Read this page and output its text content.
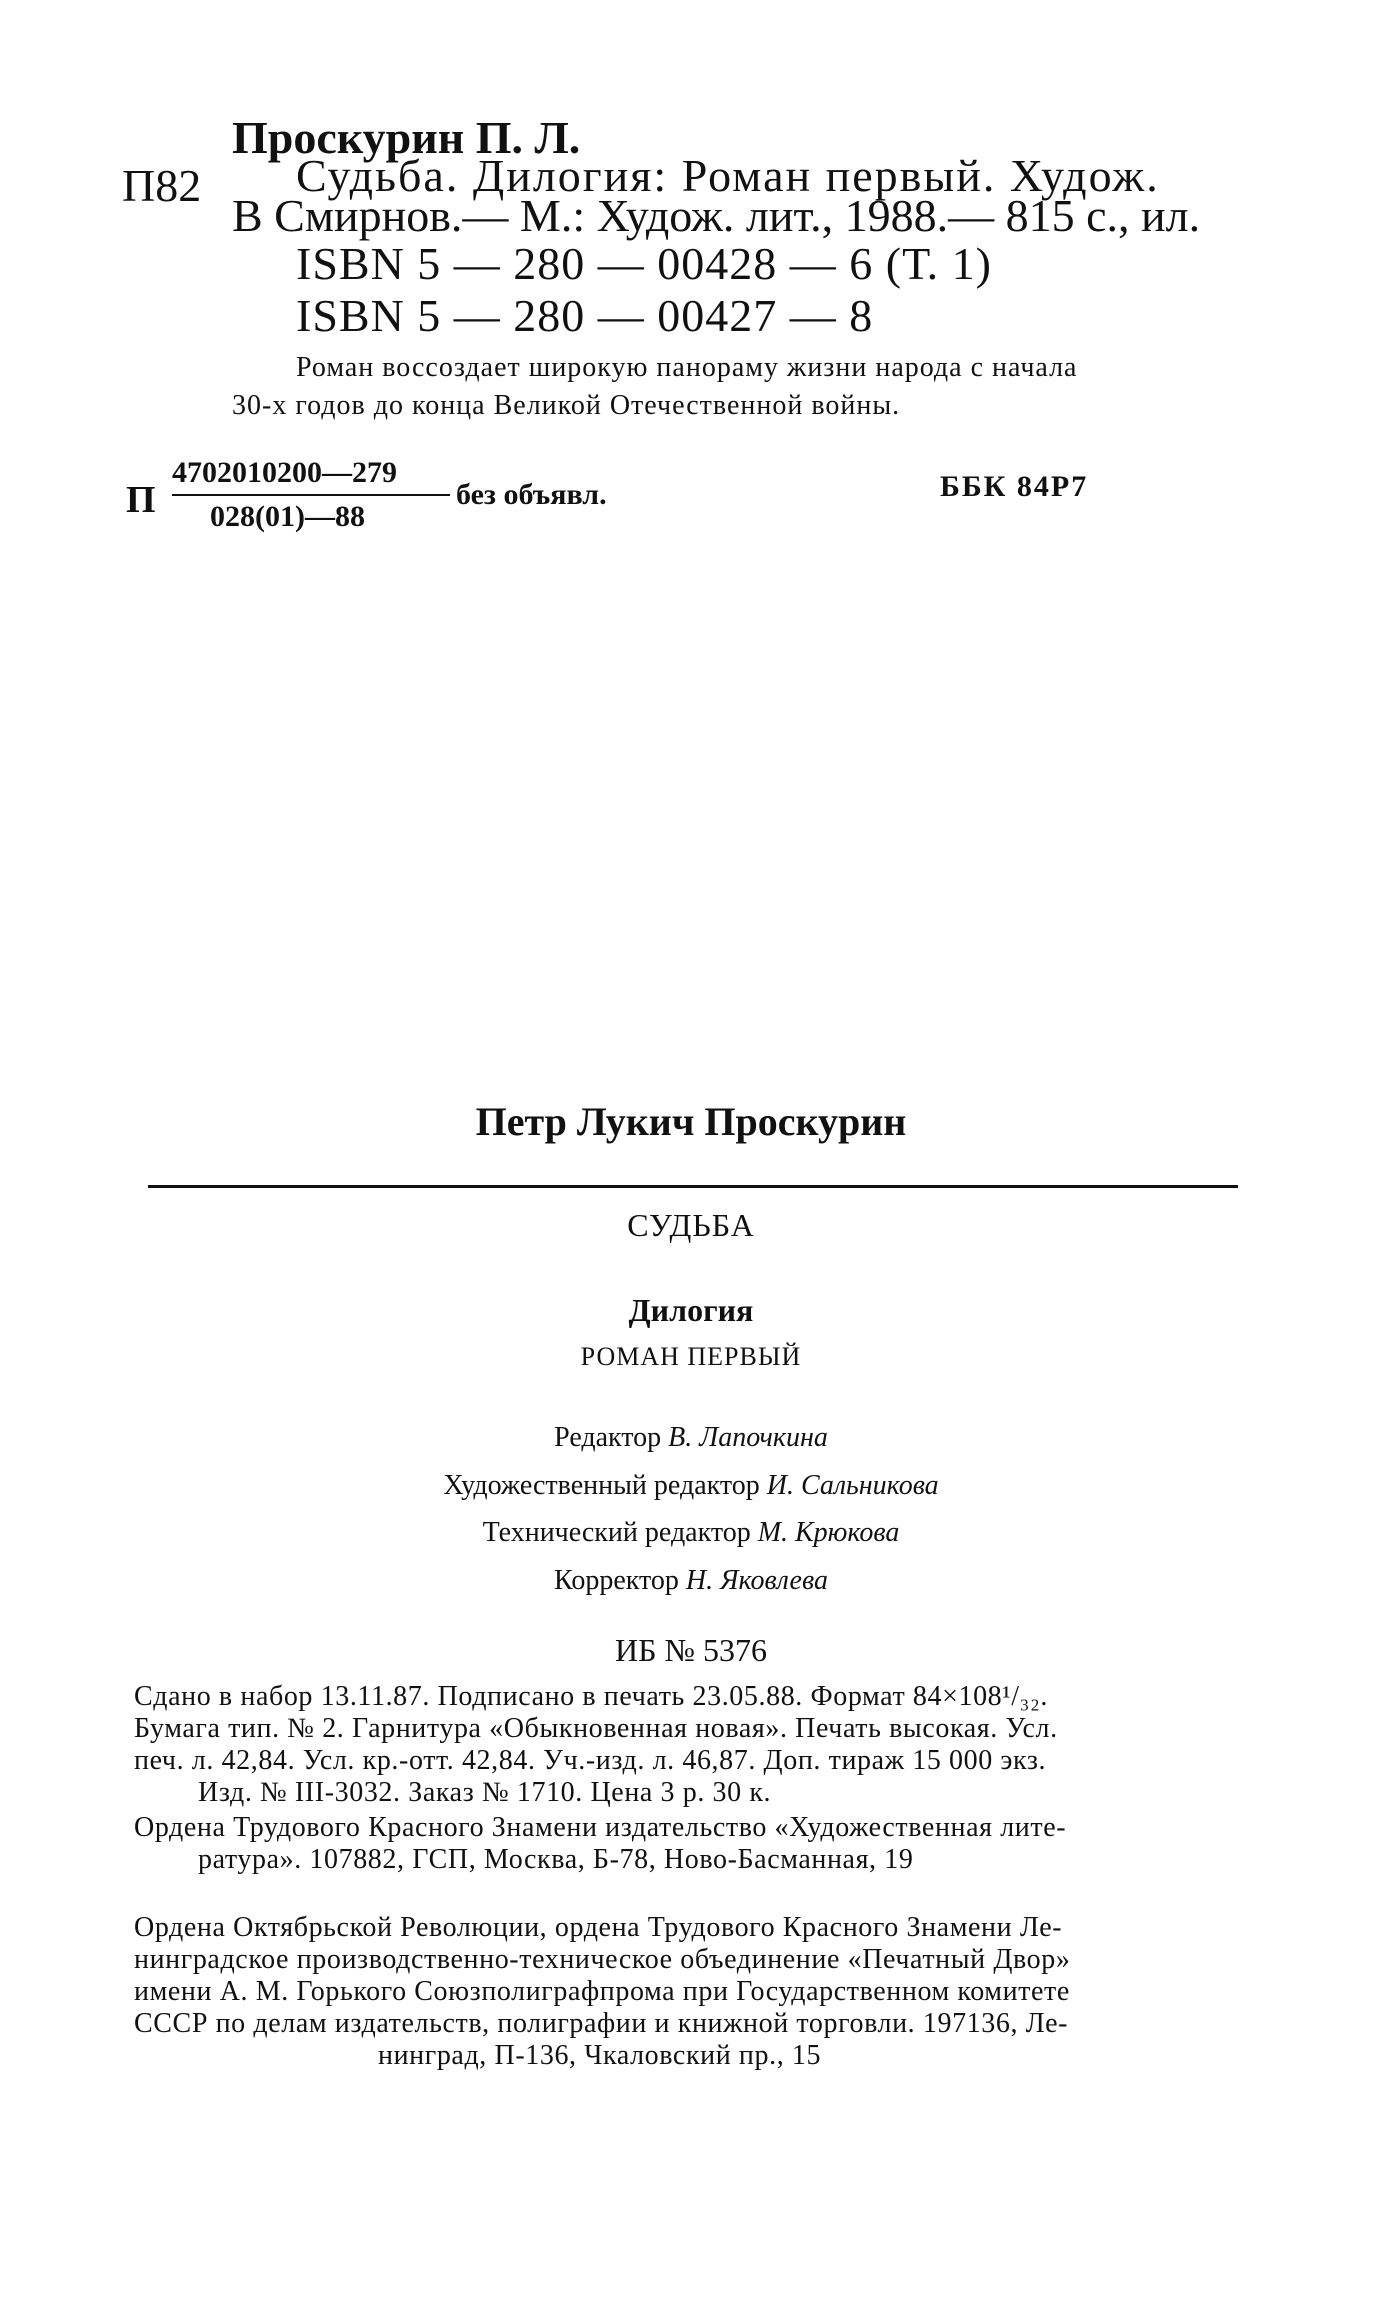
Проскурин П. Л.
П82 Судьба. Дилогия: Роман первый. Худож.
В Смирнов.— М.: Худож. лит., 1988.— 815 с., ил.
ISBN 5 — 280 — 00428 — 6 (Т. 1)
ISBN 5 — 280 — 00427 — 8
Роман воссоздает широкую панораму жизни народа с начала
30-х годов до конца Великой Отечественной войны.
П
4702010200—279
028(01)—88
без объявл.	ББК 84Р7
Петр Лукич Проскурин
СУДЬБА
Дилогия
РОМАН ПЕРВЫЙ
Редактор В. Лапочкина
Художественный редактор И. Сальникова
Технический редактор М. Крюкова
Корректор Н. Яковлева
ИБ № 5376
Сдано в набор 13.11.87. Подписано в печать 23.05.88. Формат 84×108¹/₃₂.
Бумага тип. № 2. Гарнитура «Обыкновенная новая». Печать высокая. Усл.
печ. л. 42,84. Усл. кр.-отт. 42,84. Уч.-изд. л. 46,87. Доп. тираж 15 000 экз.
Изд. № III-3032. Заказ № 1710. Цена 3 р. 30 к.
Ордена Трудового Красного Знамени издательство «Художественная лите-
ратура». 107882, ГСП, Москва, Б-78, Ново-Басманная, 19
Ордена Октябрьской Революции, ордена Трудового Красного Знамени Ле-
нинградское производственно-техническое объединение «Печатный Двор»
имени А. М. Горького Союзполиграфпрома при Государственном комитете
СССР по делам издательств, полиграфии и книжной торговли. 197136, Ле-
нинград, П-136, Чкаловский пр., 15
